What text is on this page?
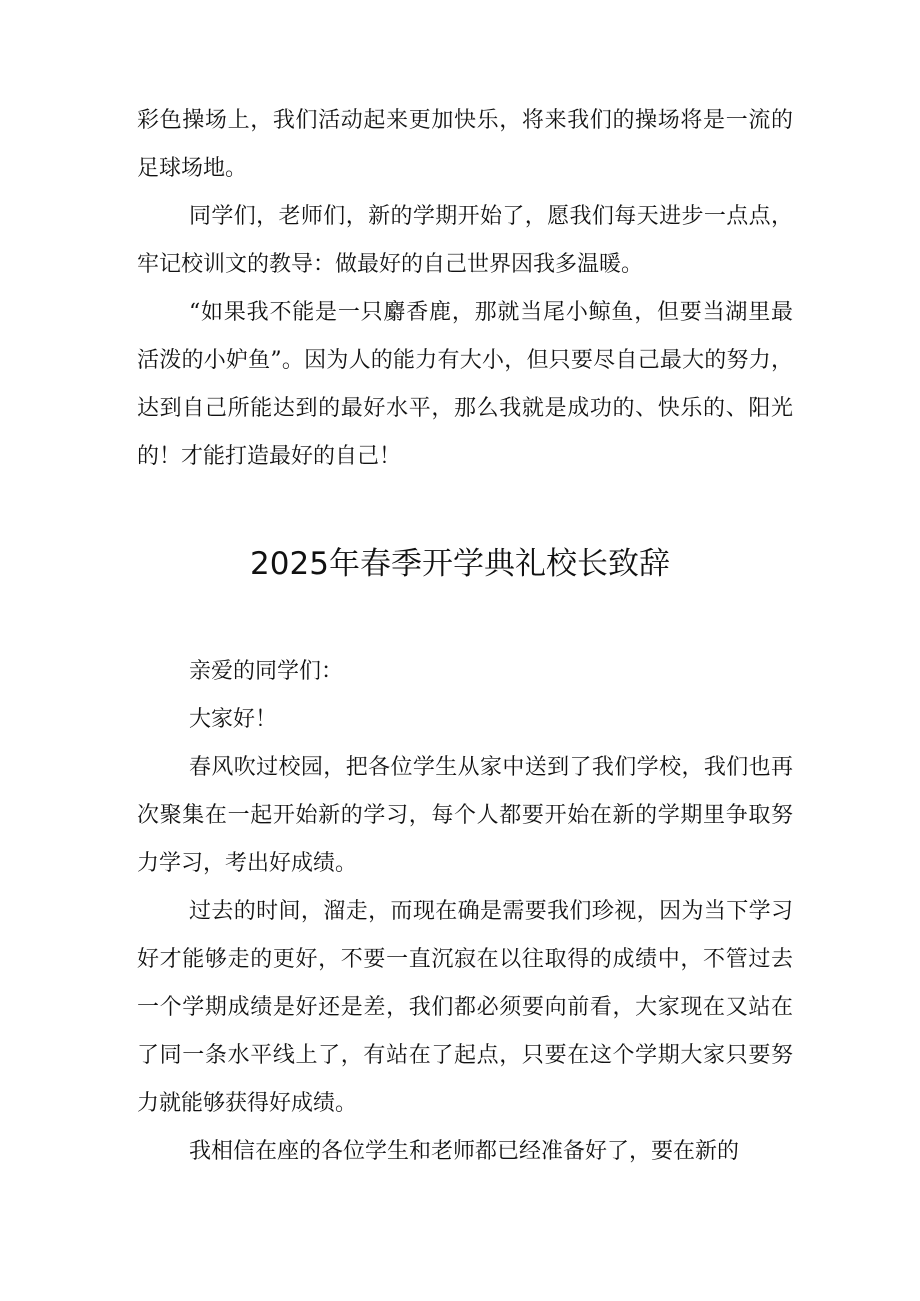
彩色操场上，我们活动起来更加快乐，将来我们的操场将是一流的足球场地。

同学们，老师们，新的学期开始了，愿我们每天进步一点点，牢记校训文的教导：做最好的自己世界因我多温暖。

“如果我不能是一只麝香鹿，那就当尾小鲸鱼，但要当湖里最活泼的小妒鱼”。因为人的能力有大小，但只要尽自己最大的努力，达到自己所能达到的最好水平，那么我就是成功的、快乐的、阳光的！才能打造最好的自己！

2025年春季开学典礼校长致辞

亲爱的同学们：

大家好！

春风吹过校园，把各位学生从家中送到了我们学校，我们也再次聚集在一起开始新的学习，每个人都要开始在新的学期里争取努力学习，考出好成绩。

过去的时间，溜走，而现在确是需要我们珍视，因为当下学习好才能够走的更好，不要一直沉寂在以往取得的成绩中，不管过去一个学期成绩是好还是差，我们都必须要向前看，大家现在又站在了同一条水平线上了，有站在了起点，只要在这个学期大家只要努力就能够获得好成绩。

我相信在座的各位学生和老师都已经准备好了，要在新的
